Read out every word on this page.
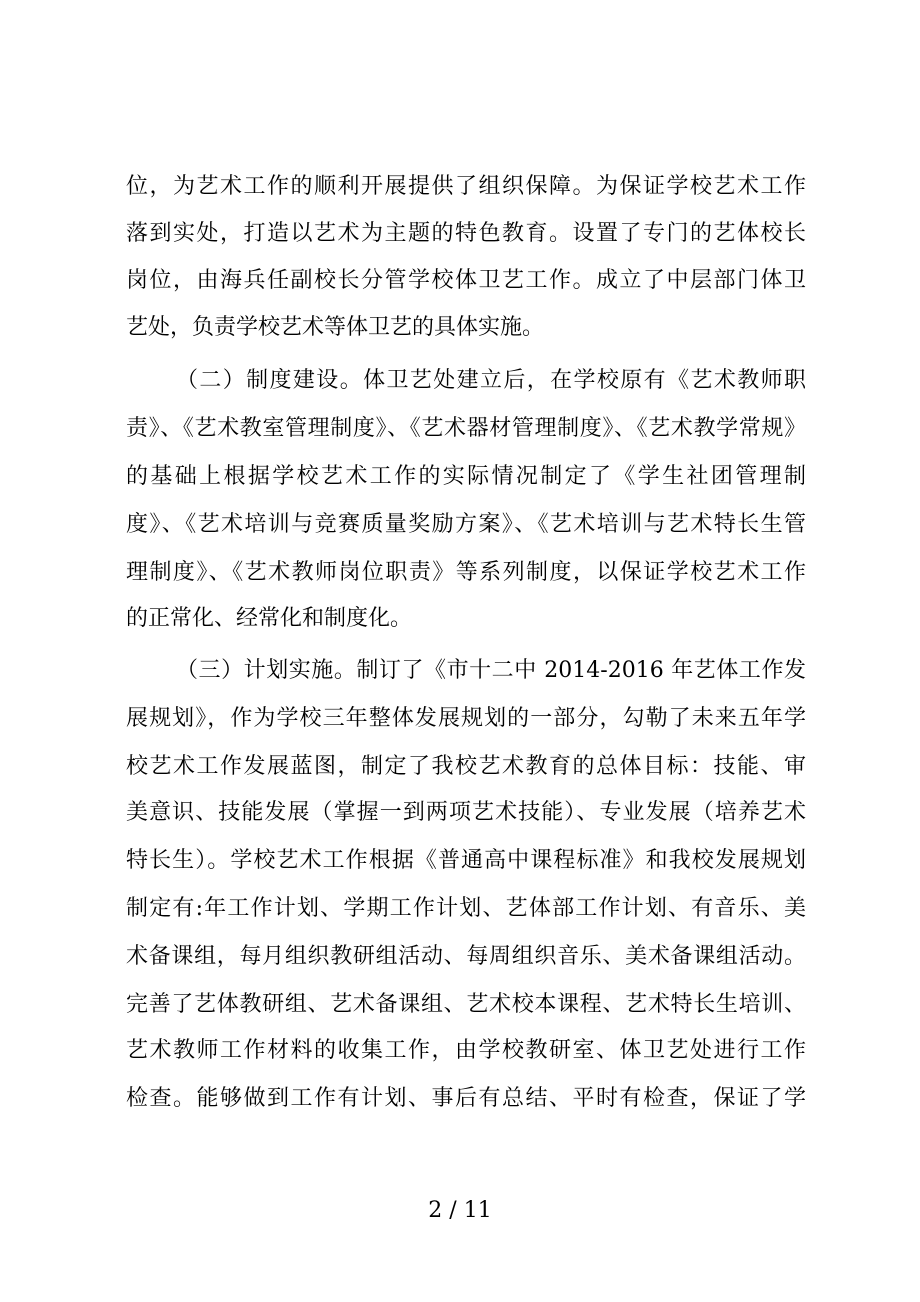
位，为艺术工作的顺利开展提供了组织保障。为保证学校艺术工作
落到实处，打造以艺术为主题的特色教育。设置了专门的艺体校长
岗位，由海兵任副校长分管学校体卫艺工作。成立了中层部门体卫
艺处，负责学校艺术等体卫艺的具体实施。
（二）制度建设。体卫艺处建立后，在学校原有《艺术教师职
责》、《艺术教室管理制度》、《艺术器材管理制度》、《艺术教学常规》
的基础上根据学校艺术工作的实际情况制定了《学生社团管理制
度》、《艺术培训与竞赛质量奖励方案》、《艺术培训与艺术特长生管
理制度》、《艺术教师岗位职责》等系列制度，以保证学校艺术工作
的正常化、经常化和制度化。
（三）计划实施。制订了《市十二中 2014-2016 年艺体工作发
展规划》，作为学校三年整体发展规划的一部分，勾勒了未来五年学
校艺术工作发展蓝图，制定了我校艺术教育的总体目标：技能、审
美意识、技能发展（掌握一到两项艺术技能）、专业发展（培养艺术
特长生）。学校艺术工作根据《普通高中课程标准》和我校发展规划
制定有:年工作计划、学期工作计划、艺体部工作计划、有音乐、美
术备课组，每月组织教研组活动、每周组织音乐、美术备课组活动。
完善了艺体教研组、艺术备课组、艺术校本课程、艺术特长生培训、
艺术教师工作材料的收集工作，由学校教研室、体卫艺处进行工作
检查。能够做到工作有计划、事后有总结、平时有检查，保证了学
2 / 11
